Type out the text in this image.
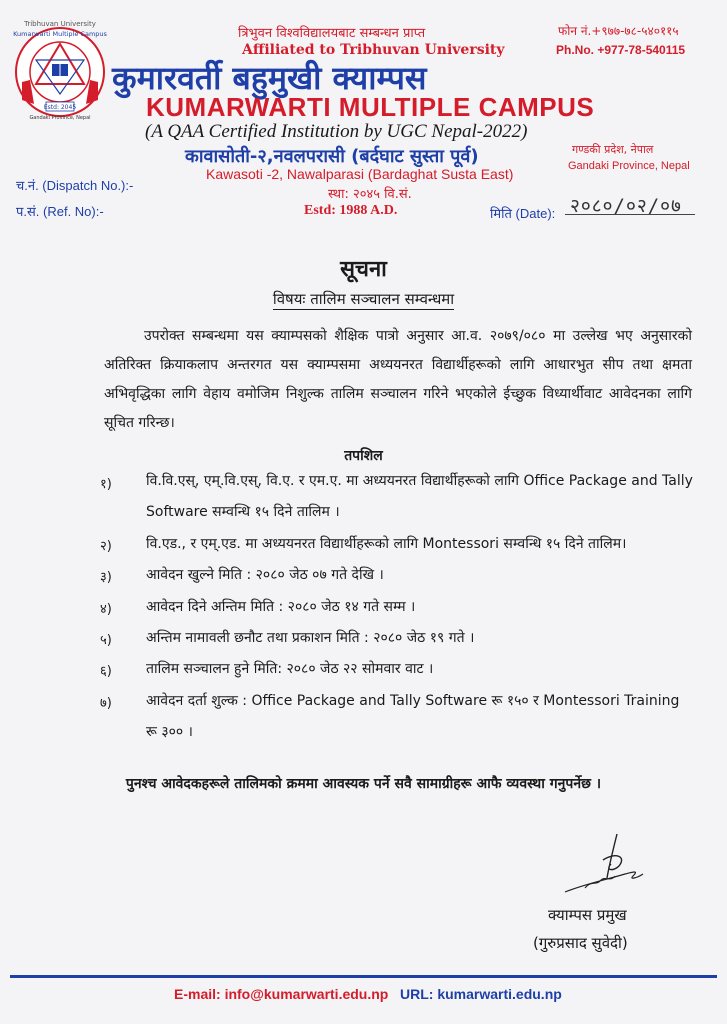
Estd: 2045
Tribhuvan University
Kumarwarti Multiple Campus
Gandaki Province, Nepal
त्रिभुवन विश्वविद्यालयबाट सम्बन्धन प्राप्त
Affiliated to Tribhuvan University
फोन नं.+९७७-७८-५४०११५
Ph.No. +977-78-540115
कुमारवर्ती बहुमुखी क्याम्पस
KUMARWARTI MULTIPLE CAMPUS
(A QAA Certified Institution by UGC Nepal-2022)
कावासोती-२,नवलपरासी (बर्दघाट सुस्ता पूर्व)	गण्डकी प्रदेश, नेपाल
Gandaki Province, Nepal
Kawasoti -2, Nawalparasi (Bardaghat Susta East)
च.नं. (Dispatch No.):-
स्था: २०४५ वि.सं.
प.सं. (Ref. No):-	Estd: 1988 A.D.	मिति (Date): २०८०/०२/०७
सूचना
विषयः तालिम सञ्चालन सम्वन्धमा
उपरोक्त सम्बन्धमा यस क्याम्पसको शैक्षिक पात्रो अनुसार आ.व. २०७९/०८० मा उल्लेख भए अनुसारको अतिरिक्त क्रियाकलाप अन्तरगत यस क्याम्पसमा अध्ययनरत विद्यार्थीहरूको लागि आधारभुत सीप तथा क्षमता अभिवृद्धिका लागि वेहाय वमोजिम निशुल्क तालिम सञ्चालन गरिने भएकोले ईच्छुक विध्यार्थीवाट आवेदनका लागि सूचित गरिन्छ।
तपशिल
१) वि.वि.एस्, एम्.वि.एस्, वि.ए. र एम.ए. मा अध्ययनरत विद्यार्थीहरूको लागि Office Package and Tally Software सम्वन्धि १५ दिने तालिम ।
२) वि.एड., र एम्.एड. मा अध्ययनरत विद्यार्थीहरूको लागि Montessori सम्वन्धि १५ दिने तालिम।
३) आवेदन खुल्ने मिति : २०८० जेठ ०७ गते देखि ।
४) आवेदन दिने अन्तिम मिति : २०८० जेठ १४ गते सम्म ।
५) अन्तिम नामावली छनौट तथा प्रकाशन मिति : २०८० जेठ १९ गते ।
६) तालिम सञ्चालन हुने मिति: २०८० जेठ २२ सोमवार वाट ।
७) आवेदन दर्ता शुल्क : Office Package and Tally Software रू १५० र Montessori Training रू ३०० ।
पुनश्च आवेदकहरूले तालिमको क्रममा आवस्यक पर्ने सवै सामाग्रीहरू आफै व्यवस्था गनुपर्नेछ ।
क्याम्पस प्रमुख
(गुरुप्रसाद सुवेदी)
E-mail: info@kumarwarti.edu.np URL: kumarwarti.edu.np
